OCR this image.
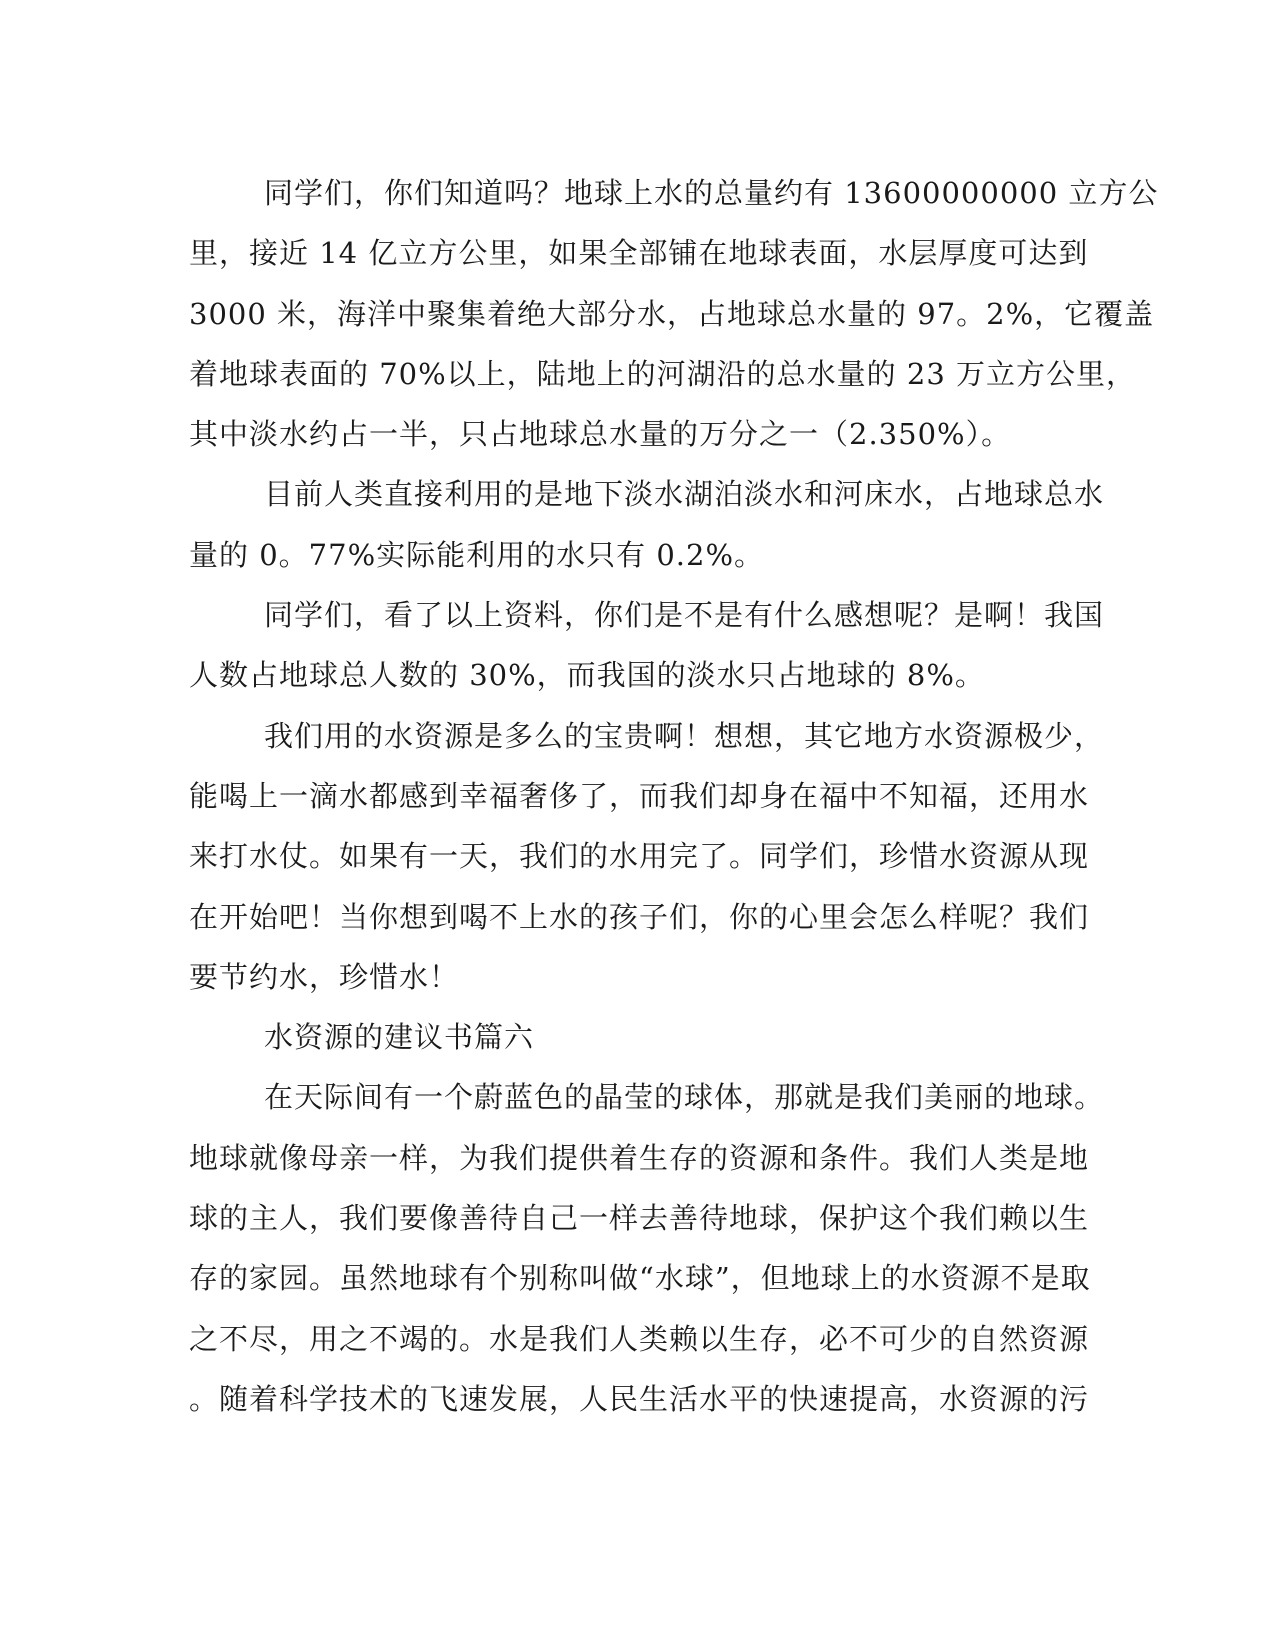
同学们，你们知道吗？地球上水的总量约有 13600000000 立方公
里，接近 14 亿立方公里，如果全部铺在地球表面，水层厚度可达到
3000 米，海洋中聚集着绝大部分水，占地球总水量的 97。2%，它覆盖
着地球表面的 70%以上，陆地上的河湖沿的总水量的 23 万立方公里，
其中淡水约占一半，只占地球总水量的万分之一（2.350%）。
目前人类直接利用的是地下淡水湖泊淡水和河床水，占地球总水
量的 0。77%实际能利用的水只有 0.2%。
同学们，看了以上资料，你们是不是有什么感想呢？是啊！我国
人数占地球总人数的 30%，而我国的淡水只占地球的 8%。
我们用的水资源是多么的宝贵啊！想想，其它地方水资源极少，
能喝上一滴水都感到幸福奢侈了，而我们却身在福中不知福，还用水
来打水仗。如果有一天，我们的水用完了。同学们，珍惜水资源从现
在开始吧！当你想到喝不上水的孩子们，你的心里会怎么样呢？我们
要节约水，珍惜水！
水资源的建议书篇六
在天际间有一个蔚蓝色的晶莹的球体，那就是我们美丽的地球。
地球就像母亲一样，为我们提供着生存的资源和条件。我们人类是地
球的主人，我们要像善待自己一样去善待地球，保护这个我们赖以生
存的家园。虽然地球有个别称叫做“水球”，但地球上的水资源不是取
之不尽，用之不竭的。水是我们人类赖以生存，必不可少的自然资源
。随着科学技术的飞速发展，人民生活水平的快速提高，水资源的污
